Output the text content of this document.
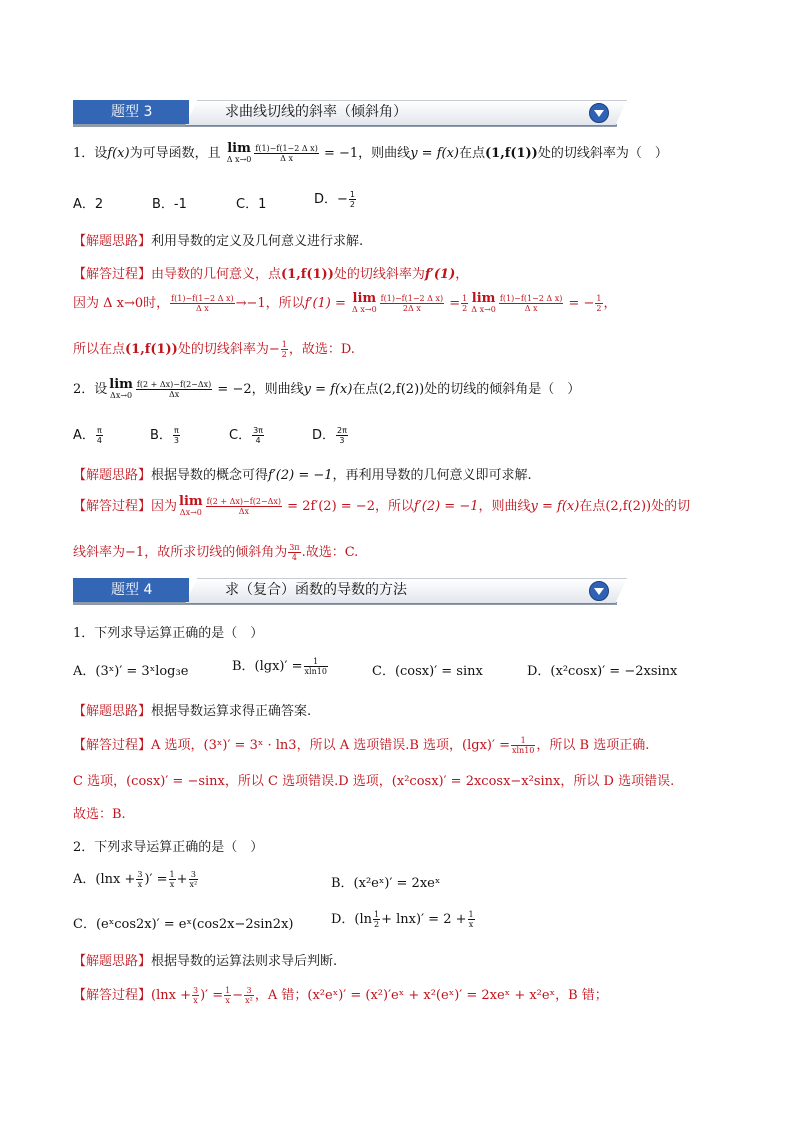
题型 3	求曲线切线的斜率（倾斜角）
1．设f(x)为可导函数，且 lim
Δ $x\to 0 \frac{\text{f(1)−f(1−2 Δ x)}}{\text{Δ x}} = -1$，则曲线y = f(x)在点(1,f(1))处的切线斜率为（　）
A．2	B．-1	C．1	D．− $\frac{1}{2}$
【解题思路】利用导数的定义及几何意义进行求解.
【解答过程】由导数的几何意义，点(1,f(1))处的切线斜率为f′(1)，
因为 Δ x→0时， $\frac{\text{f(1)−f(1−2 Δ x)}}{\text{Δ x}} \to-1$，所以f′(1) = lim
Δ $x\to 0 \frac{\text{f(1)−f(1−2 Δ x)}}{\text{2Δ x}} = \frac{1}{2}$ lim
Δ $x\to 0 \frac{\text{f(1)−f(1−2 Δ x)}}{\text{Δ x}}$ = − $\frac{1}{2}$ ，
所以在点(1,f(1))处的切线斜率为− $\frac{1}{2}$ ，故选：D.
2．设 lim
$\Delta x\to 0 \frac{f(2 + \Delta x)-f(2-\Delta x)}{\Delta x} = -2$，则曲线y = f(x)在点(2,f(2))处的切线的倾斜角是（　）
A． $\frac{\pi}{4}$	B． $\frac{\pi}{3}$	C． $\frac{3\pi}{4}$	D． $\frac{2\pi}{3}$
【解题思路】根据导数的概念可得f′(2) = −1，再利用导数的几何意义即可求解.
【解答过程】因为 lim
$\Delta x\to 0 \frac{f(2 + \Delta x)-f(2-\Delta x)}{\Delta x} = 2f'(2) = -2$，所以f′(2) = −1，则曲线y = f(x)在点(2,f(2))处的切
线斜率为−1，故所求切线的倾斜角为 $\frac{3\pi}{4}$ .故选：C.
题型 4	求（复合）函数的导数的方法
1．下列求导运算正确的是（　）
A．(3ˣ)′ = 3ˣlog₃e	B．$(\lg x)' = \frac{1}{xln10}$	C．(cosx)′ = sinx	D．(x²cosx)′ = −2xsinx
【解题思路】根据导数运算求得正确答案.
【解答过程】A 选项，(3ˣ)′ = 3ˣ · ln3，所以 A 选项错误.B 选项，$(\lg x)' = \frac{1}{xln10}$ ，所以 B 选项正确.
C 选项，(cosx)′ = −sinx，所以 C 选项错误.D 选项，(x²cosx)′ = 2xcosx−x²sinx，所以 D 选项错误.
故选：B.
2．下列求导运算正确的是（　）
A．($\ln x + \frac{3}{x}$ )′ = $\frac{1}{x} + \frac{3}{\text{x²}}$	B．(x²eˣ)′ = 2xeˣ
C．(eˣcos2x)′ = eˣ(cos2x−2sin2x)	D．$(\ln \frac{1}{2} + \ln x)' = 2 + \frac{1}{x}$
【解题思路】根据导数的运算法则求导后判断.
【解答过程】($\ln x + \frac{3}{x}$ )′ = $\frac{1}{x} - \frac{3}{\text{x²}}$ ，A 错；(x²eˣ)′ = (x²)′eˣ + x²(eˣ)′ = 2xeˣ + x²eˣ，B 错；
